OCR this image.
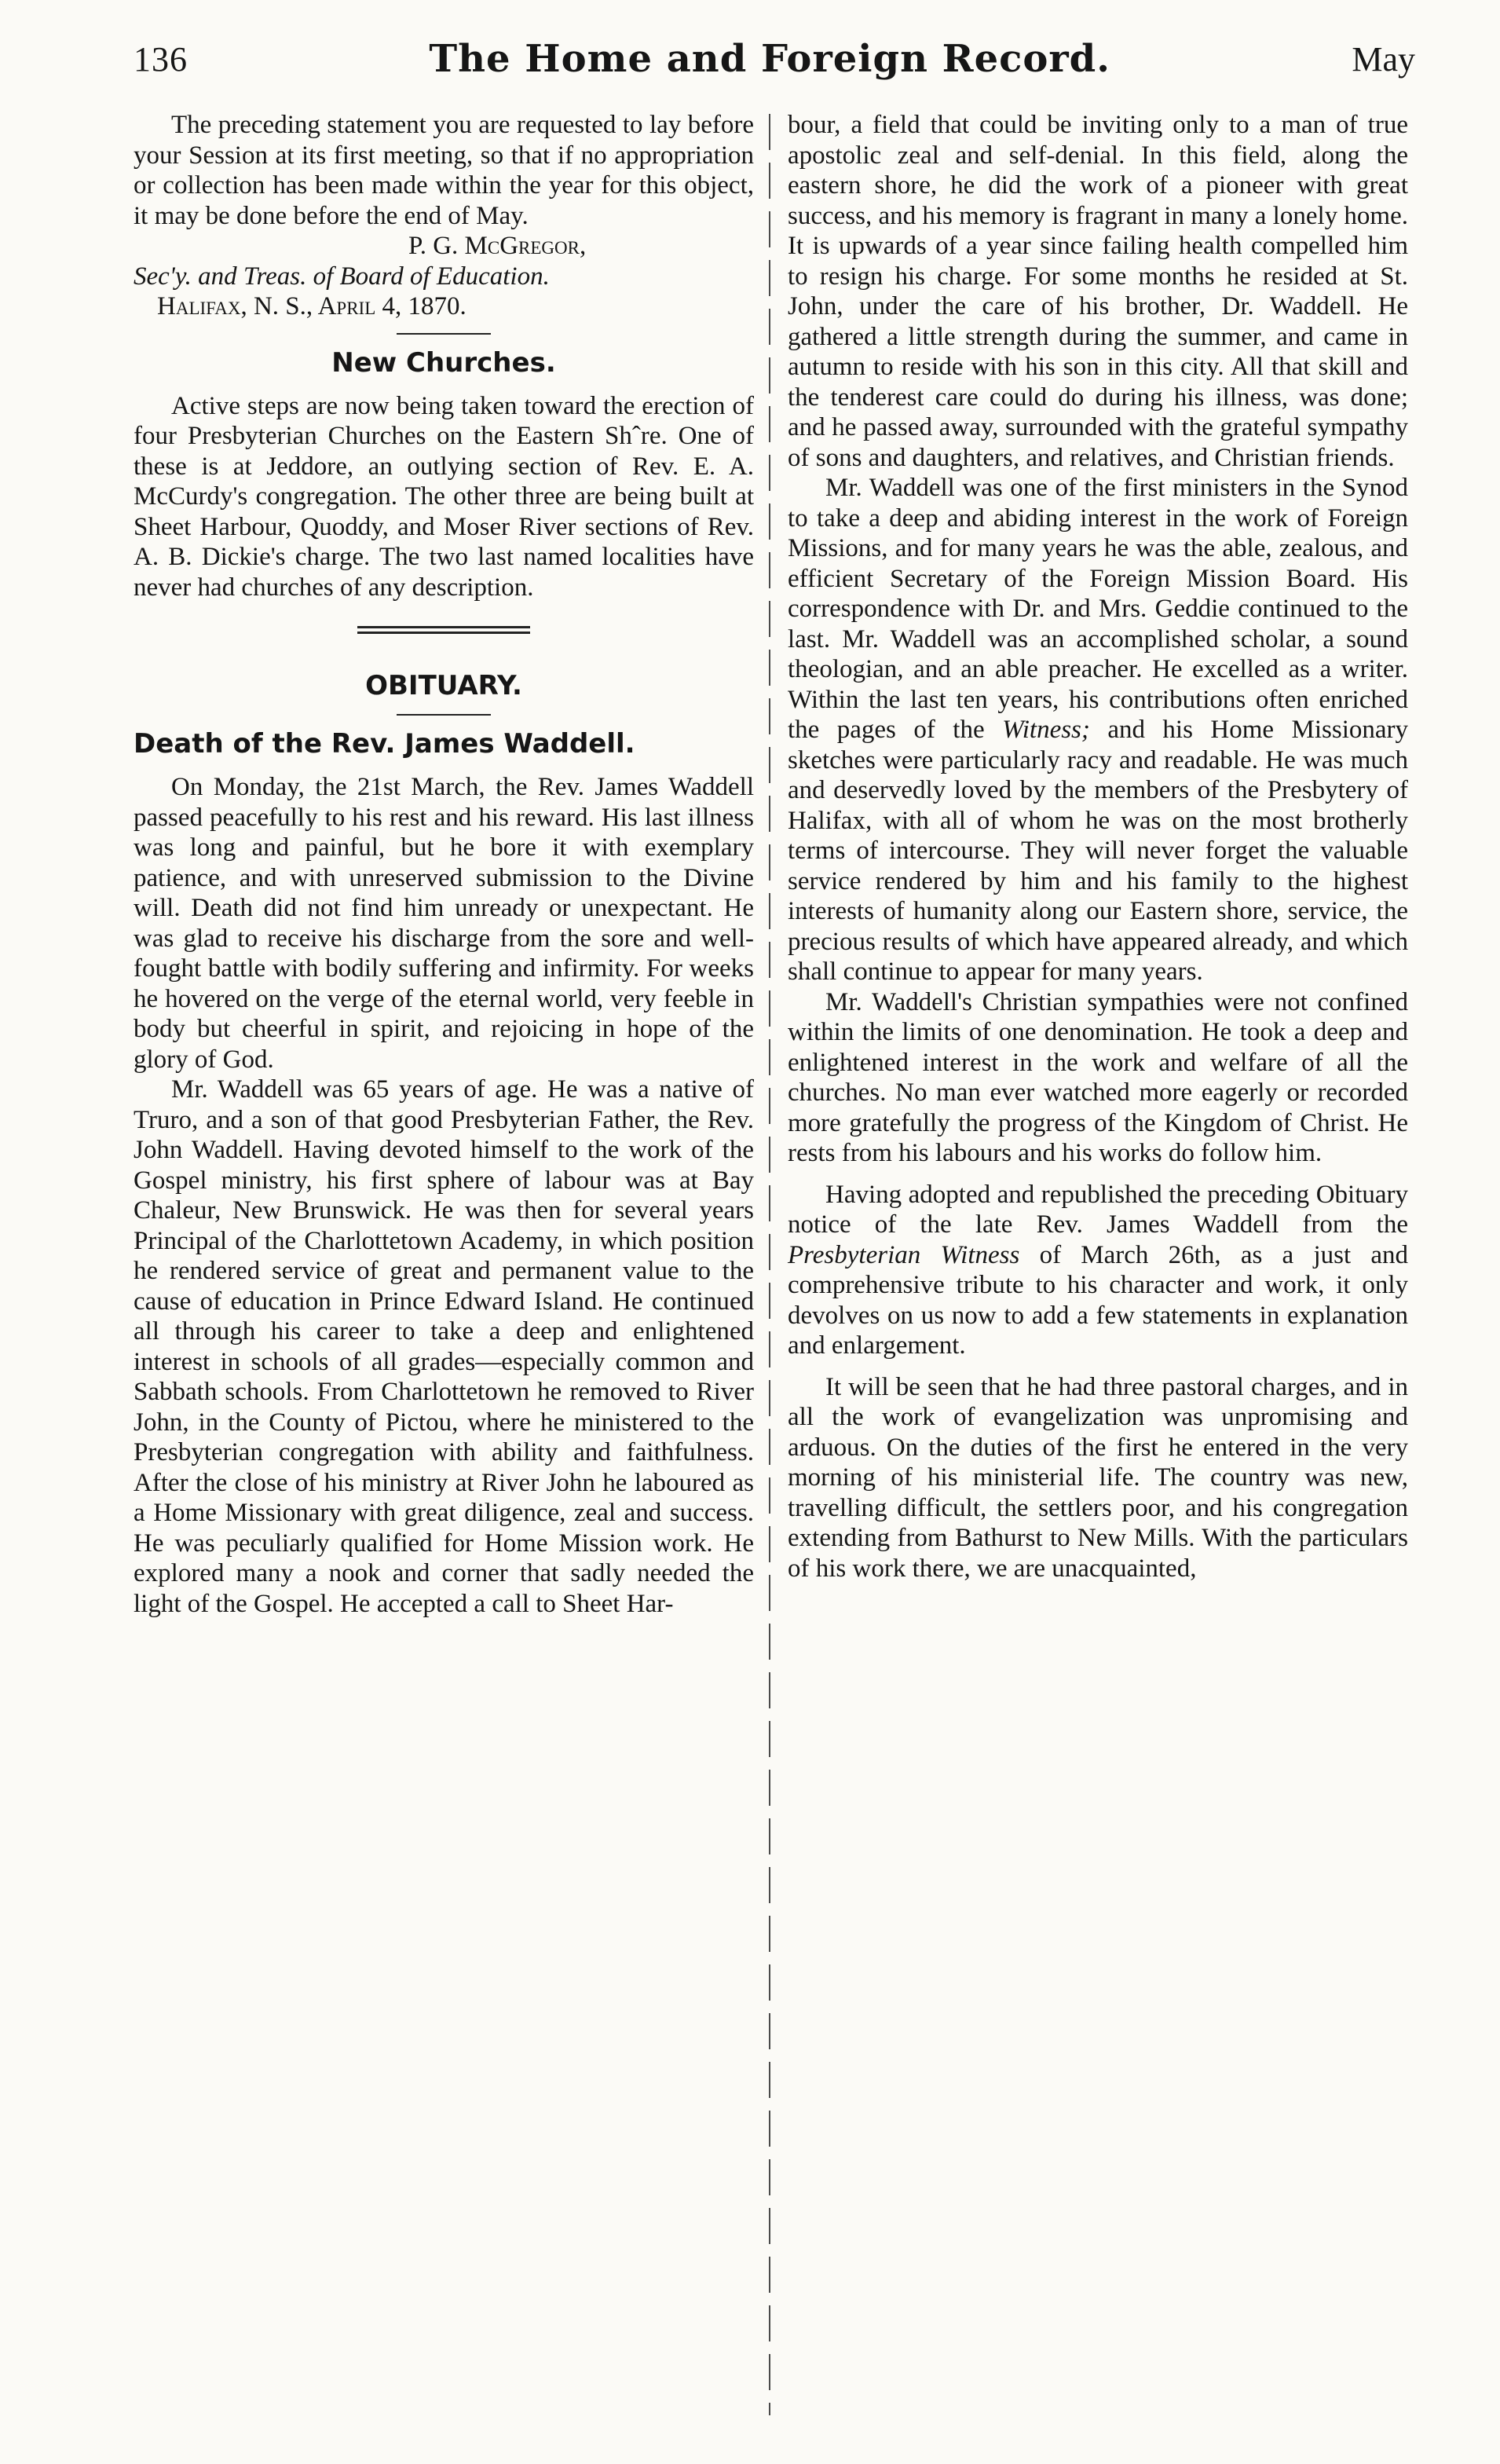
136	The Home and Foreign Record.	May

The preceding statement you are requested to lay before your Session at its first meeting, so that if no appropriation or collection has been made within the year for this object, it may be done before the end of May.

P. G. McGregor,
Sec'y. and Treas. of Board of Education.
Halifax, N. S., April 4, 1870.
New Churches.

Active steps are now being taken toward the erection of four Presbyterian Churches on the Eastern Shˆre. One of these is at Jeddore, an outlying section of Rev. E. A. McCurdy's congregation. The other three are being built at Sheet Harbour, Quoddy, and Moser River sections of Rev. A. B. Dickie's charge. The two last named localities have never had churches of any description.

OBITUARY.
Death of the Rev. James Waddell.

On Monday, the 21st March, the Rev. James Waddell passed peacefully to his rest and his reward. His last illness was long and painful, but he bore it with exemplary patience, and with unreserved submission to the Divine will. Death did not find him unready or unexpectant. He was glad to receive his discharge from the sore and well-fought battle with bodily suffering and infirmity. For weeks he hovered on the verge of the eternal world, very feeble in body but cheerful in spirit, and rejoicing in hope of the glory of God.

Mr. Waddell was 65 years of age. He was a native of Truro, and a son of that good Presbyterian Father, the Rev. John Waddell. Having devoted himself to the work of the Gospel ministry, his first sphere of labour was at Bay Chaleur, New Brunswick. He was then for several years Principal of the Charlottetown Academy, in which position he rendered service of great and permanent value to the cause of education in Prince Edward Island. He continued all through his career to take a deep and enlightened interest in schools of all grades—especially common and Sabbath schools. From Charlottetown he removed to River John, in the County of Pictou, where he ministered to the Presbyterian congregation with ability and faithfulness. After the close of his ministry at River John he laboured as a Home Missionary with great diligence, zeal and success. He was peculiarly qualified for Home Mission work. He explored many a nook and corner that sadly needed the light of the Gospel. He accepted a call to Sheet Har-

bour, a field that could be inviting only to a man of true apostolic zeal and self-denial. In this field, along the eastern shore, he did the work of a pioneer with great success, and his memory is fragrant in many a lonely home. It is upwards of a year since failing health compelled him to resign his charge. For some months he resided at St. John, under the care of his brother, Dr. Waddell. He gathered a little strength during the summer, and came in autumn to reside with his son in this city. All that skill and the tenderest care could do during his illness, was done; and he passed away, surrounded with the grateful sympathy of sons and daughters, and relatives, and Christian friends.

Mr. Waddell was one of the first ministers in the Synod to take a deep and abiding interest in the work of Foreign Missions, and for many years he was the able, zealous, and efficient Secretary of the Foreign Mission Board. His correspondence with Dr. and Mrs. Geddie continued to the last. Mr. Waddell was an accomplished scholar, a sound theologian, and an able preacher. He excelled as a writer. Within the last ten years, his contributions often enriched the pages of the Witness; and his Home Missionary sketches were particularly racy and readable. He was much and deservedly loved by the members of the Presbytery of Halifax, with all of whom he was on the most brotherly terms of intercourse. They will never forget the valuable service rendered by him and his family to the highest interests of humanity along our Eastern shore, service, the precious results of which have appeared already, and which shall continue to appear for many years.

Mr. Waddell's Christian sympathies were not confined within the limits of one denomination. He took a deep and enlightened interest in the work and welfare of all the churches. No man ever watched more eagerly or recorded more gratefully the progress of the Kingdom of Christ. He rests from his labours and his works do follow him.

Having adopted and republished the preceding Obituary notice of the late Rev. James Waddell from the Presbyterian Witness of March 26th, as a just and comprehensive tribute to his character and work, it only devolves on us now to add a few statements in explanation and enlargement.

It will be seen that he had three pastoral charges, and in all the work of evangelization was unpromising and arduous. On the duties of the first he entered in the very morning of his ministerial life. The country was new, travelling difficult, the settlers poor, and his congregation extending from Bathurst to New Mills. With the particulars of his work there, we are unacquainted,
